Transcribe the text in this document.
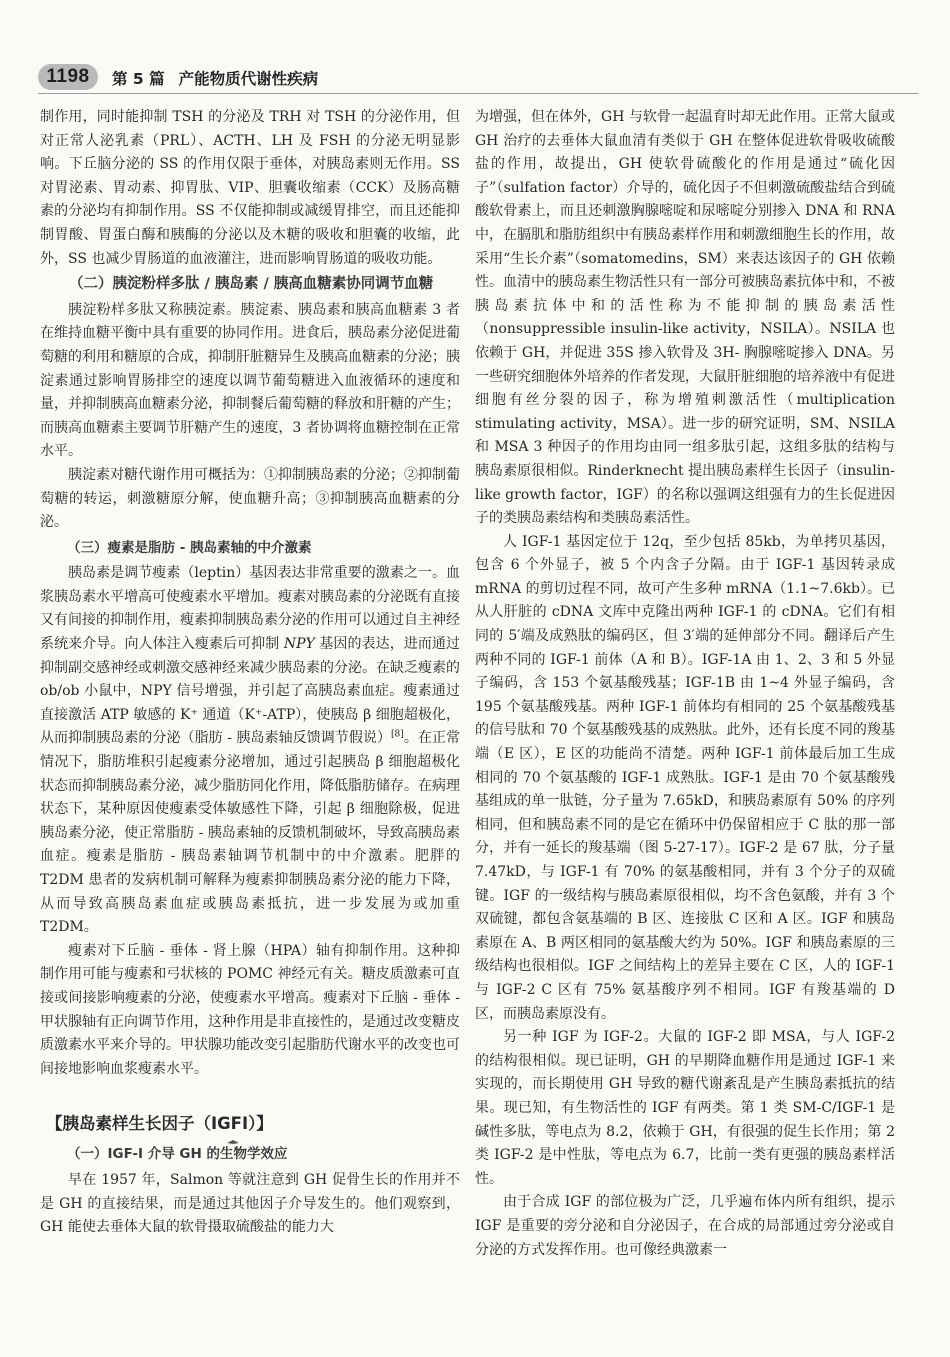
1198	第 5 篇 产能物质代谢性疾病

制作用，同时能抑制 TSH 的分泌及 TRH 对 TSH 的分泌作用，但对正常人泌乳素（PRL）、ACTH、LH 及 FSH 的分泌无明显影响。下丘脑分泌的 SS 的作用仅限于垂体，对胰岛素则无作用。SS 对胃泌素、胃动素、抑胃肽、VIP、胆囊收缩素（CCK）及肠高糖素的分泌均有抑制作用。SS 不仅能抑制或减缓胃排空，而且还能抑制胃酸、胃蛋白酶和胰酶的分泌以及木糖的吸收和胆囊的收缩，此外，SS 也减少胃肠道的血液灌注，进而影响胃肠道的吸收功能。

（二）胰淀粉样多肽 / 胰岛素 / 胰高血糖素协同调节血糖

胰淀粉样多肽又称胰淀素。胰淀素、胰岛素和胰高血糖素 3 者在维持血糖平衡中具有重要的协同作用。进食后，胰岛素分泌促进葡萄糖的利用和糖原的合成，抑制肝脏糖异生及胰高血糖素的分泌；胰淀素通过影响胃肠排空的速度以调节葡萄糖进入血液循环的速度和量，并抑制胰高血糖素分泌，抑制餐后葡萄糖的释放和肝糖的产生；而胰高血糖素主要调节肝糖产生的速度，3 者协调将血糖控制在正常水平。

胰淀素对糖代谢作用可概括为：①抑制胰岛素的分泌；②抑制葡萄糖的转运，刺激糖原分解，使血糖升高；③抑制胰高血糖素的分泌。

（三）瘦素是脂肪 - 胰岛素轴的中介激素

胰岛素是调节瘦素（leptin）基因表达非常重要的激素之一。血浆胰岛素水平增高可使瘦素水平增加。瘦素对胰岛素的分泌既有直接又有间接的抑制作用，瘦素抑制胰岛素分泌的作用可以通过自主神经系统来介导。向人体注入瘦素后可抑制 NPY 基因的表达，进而通过抑制副交感神经或刺激交感神经来减少胰岛素的分泌。在缺乏瘦素的 ob/ob 小鼠中，NPY 信号增强，并引起了高胰岛素血症。瘦素通过直接激活 ATP 敏感的 K⁺ 通道（K⁺-ATP），使胰岛 β 细胞超极化，从而抑制胰岛素的分泌（脂肪 - 胰岛素轴反馈调节假说）[8]。在正常情况下，脂肪堆积引起瘦素分泌增加，通过引起胰岛 β 细胞超极化状态而抑制胰岛素分泌，减少脂肪同化作用，降低脂肪储存。在病理状态下，某种原因使瘦素受体敏感性下降，引起 β 细胞除极，促进胰岛素分泌，使正常脂肪 - 胰岛素轴的反馈机制破坏，导致高胰岛素血症。瘦素是脂肪 - 胰岛素轴调节机制中的中介激素。肥胖的 T2DM 患者的发病机制可解释为瘦素抑制胰岛素分泌的能力下降，从而导致高胰岛素血症或胰岛素抵抗，进一步发展为或加重 T2DM。

瘦素对下丘脑 - 垂体 - 肾上腺（HPA）轴有抑制作用。这种抑制作用可能与瘦素和弓状核的 POMC 神经元有关。糖皮质激素可直接或间接影响瘦素的分泌，使瘦素水平增高。瘦素对下丘脑 - 垂体 - 甲状腺轴有正向调节作用，这种作用是非直接性的，是通过改变糖皮质激素水平来介导的。甲状腺功能改变引起脂肪代谢水平的改变也可间接地影响血浆瘦素水平。

【胰岛素样生长因子（IGFI）】
（一）IGF-I 介导 GH 的生物学效应

早在 1957 年，Salmon 等就注意到 GH 促骨生长的作用并不是 GH 的直接结果，而是通过其他因子介导发生的。他们观察到，GH 能使去垂体大鼠的软骨摄取硫酸盐的能力大

为增强，但在体外，GH 与软骨一起温育时却无此作用。正常大鼠或 GH 治疗的去垂体大鼠血清有类似于 GH 在整体促进软骨吸收硫酸盐的作用，故提出，GH 使软骨硫酸化的作用是通过“硫化因子”（sulfation factor）介导的，硫化因子不但刺激硫酸盐结合到硫酸软骨素上，而且还刺激胸腺嘧啶和尿嘧啶分别掺入 DNA 和 RNA 中，在膈肌和脂肪组织中有胰岛素样作用和刺激细胞生长的作用，故采用“生长介素”（somatomedins，SM）来表达该因子的 GH 依赖性。血清中的胰岛素生物活性只有一部分可被胰岛素抗体中和，不被胰岛素抗体中和的活性称为不能抑制的胰岛素活性（nonsuppressible insulin-like activity，NSILA）。NSILA 也依赖于 GH，并促进 35S 掺入软骨及 3H- 胸腺嘧啶掺入 DNA。另一些研究细胞体外培养的作者发现，大鼠肝脏细胞的培养液中有促进细胞有丝分裂的因子，称为增殖刺激活性（multiplication stimulating activity，MSA）。进一步的研究证明，SM、NSILA 和 MSA 3 种因子的作用均由同一组多肽引起，这组多肽的结构与胰岛素原很相似。Rinderknecht 提出胰岛素样生长因子（insulin-like growth factor，IGF）的名称以强调这组强有力的生长促进因子的类胰岛素结构和类胰岛素活性。

人 IGF-1 基因定位于 12q，至少包括 85kb，为单拷贝基因，包含 6 个外显子，被 5 个内含子分隔。由于 IGF-1 基因转录成 mRNA 的剪切过程不同，故可产生多种 mRNA（1.1~7.6kb）。已从人肝脏的 cDNA 文库中克隆出两种 IGF-1 的 cDNA。它们有相同的 5′端及成熟肽的编码区，但 3′端的延伸部分不同。翻译后产生两种不同的 IGF-1 前体（A 和 B）。IGF-1A 由 1、2、3 和 5 外显子编码，含 153 个氨基酸残基；IGF-1B 由 1~4 外显子编码，含 195 个氨基酸残基。两种 IGF-1 前体均有相同的 25 个氨基酸残基的信号肽和 70 个氨基酸残基的成熟肽。此外，还有长度不同的羧基端（E 区），E 区的功能尚不清楚。两种 IGF-1 前体最后加工生成相同的 70 个氨基酸的 IGF-1 成熟肽。IGF-1 是由 70 个氨基酸残基组成的单一肽链，分子量为 7.65kD，和胰岛素原有 50% 的序列相同，但和胰岛素不同的是它在循环中仍保留相应于 C 肽的那一部分，并有一延长的羧基端（图 5-27-17）。IGF-2 是 67 肽，分子量 7.47kD，与 IGF-1 有 70% 的氨基酸相同，并有 3 个分子的双硫键。IGF 的一级结构与胰岛素原很相似，均不含色氨酸，并有 3 个双硫键，都包含氨基端的 B 区、连接肽 C 区和 A 区。IGF 和胰岛素原在 A、B 两区相同的氨基酸大约为 50%。IGF 和胰岛素原的三级结构也很相似。IGF 之间结构上的差异主要在 C 区，人的 IGF-1 与 IGF-2 C 区有 75% 氨基酸序列不相同。IGF 有羧基端的 D 区，而胰岛素原没有。

另一种 IGF 为 IGF-2。大鼠的 IGF-2 即 MSA，与人 IGF-2 的结构很相似。现已证明，GH 的早期降血糖作用是通过 IGF-1 来实现的，而长期使用 GH 导致的糖代谢紊乱是产生胰岛素抵抗的结果。现已知，有生物活性的 IGF 有两类。第 1 类 SM-C/IGF-1 是碱性多肽，等电点为 8.2，依赖于 GH，有很强的促生长作用；第 2 类 IGF-2 是中性肽，等电点为 6.7，比前一类有更强的胰岛素样活性。

由于合成 IGF 的部位极为广泛，几乎遍布体内所有组织，提示 IGF 是重要的旁分泌和自分泌因子，在合成的局部通过旁分泌或自分泌的方式发挥作用。也可像经典激素一
